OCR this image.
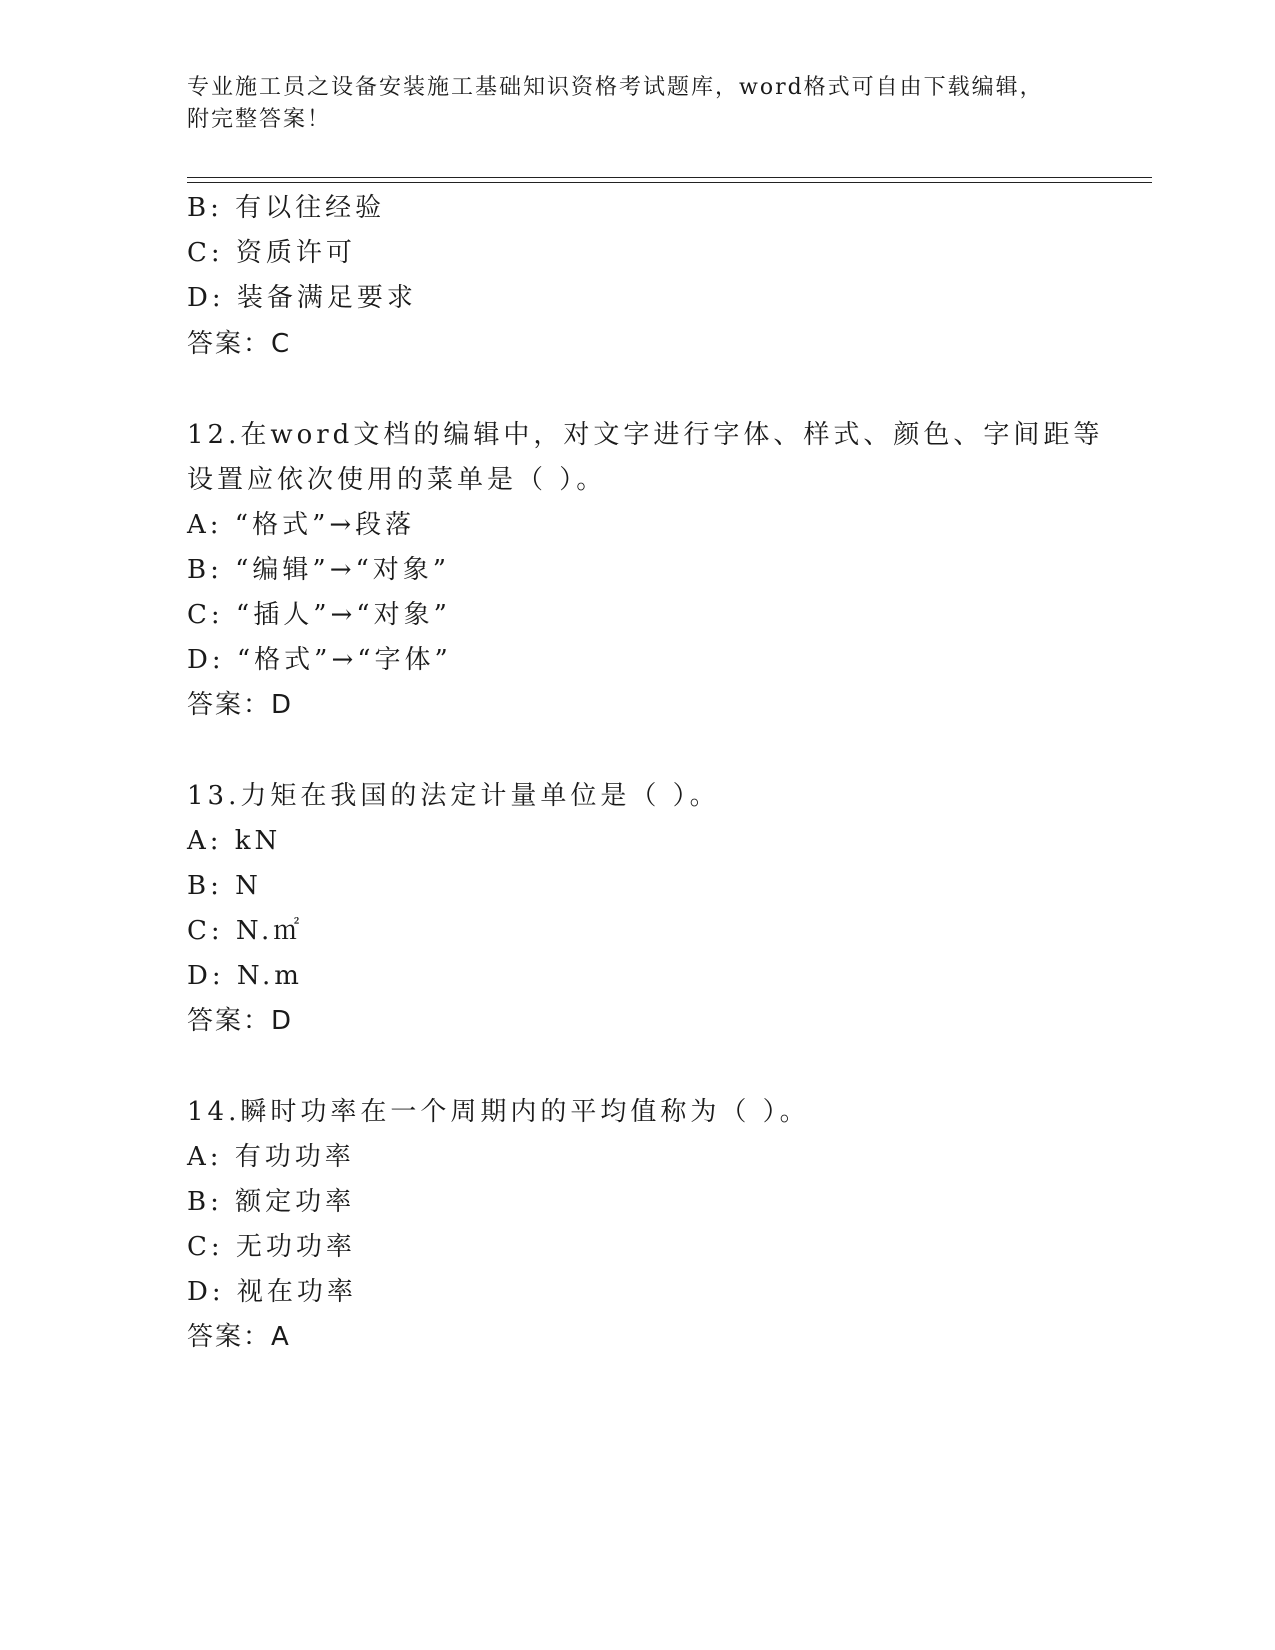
专业施工员之设备安装施工基础知识资格考试题库，word格式可自由下载编辑，
附完整答案！
B: 有以往经验
C: 资质许可
D: 装备满足要求
答案：C
12.在word文档的编辑中，对文字进行字体、样式、颜色、字间距等
设置应依次使用的菜单是（ ）。
A: “格式”→段落
B: “编辑”→“对象”
C: “插人”→“对象”
D: “格式”→“字体”
答案：D
13.力矩在我国的法定计量单位是（ ）。
A: kN
B: N
C: N.㎡
D: N.m
答案：D
14.瞬时功率在一个周期内的平均值称为（ ）。
A: 有功功率
B: 额定功率
C: 无功功率
D: 视在功率
答案：A
